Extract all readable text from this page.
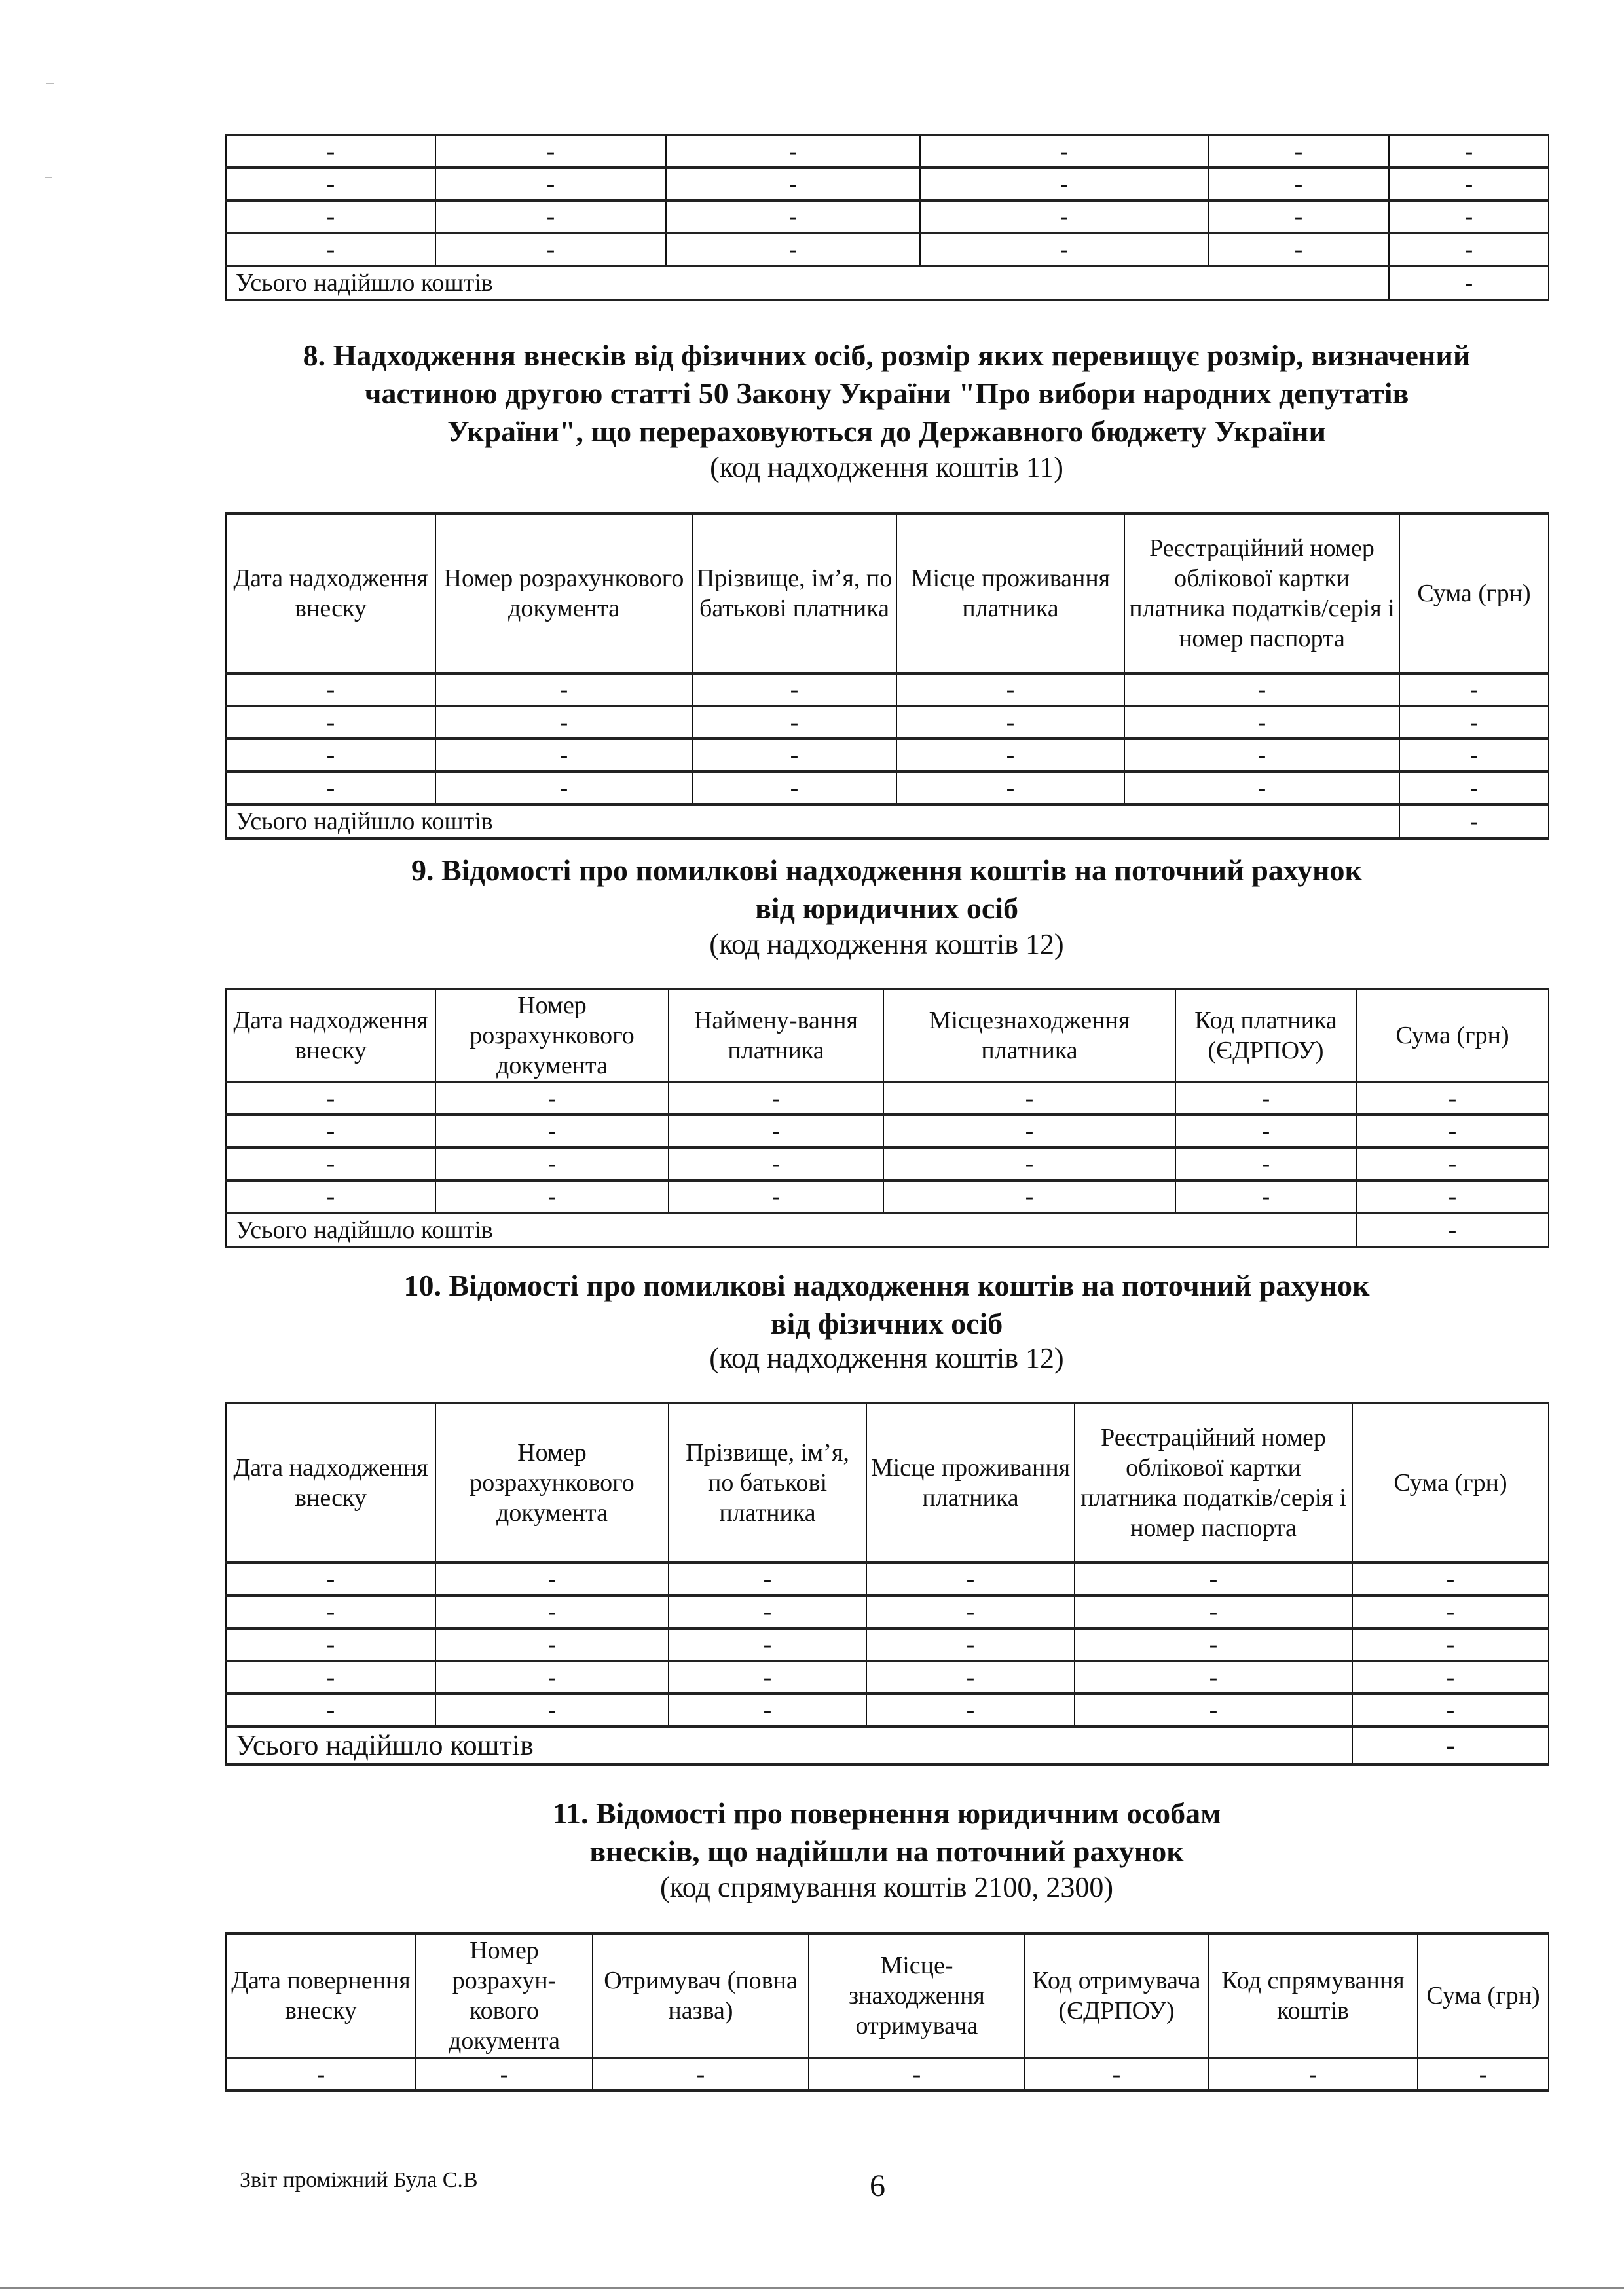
-	-	-	-	-	-
-	-	-	-	-	-
-	-	-	-	-	-
-	-	-	-	-	-
Усього надійшло коштів					-
8. Надходження внесків від фізичних осіб, розмір яких перевищує розмір, визначений
частиною другою статті 50 Закону України "Про вибори народних депутатів
України", що перераховуються до Державного бюджету України
(код надходження коштів 11)
Дата надходження внеску	Номер розрахункового документа	Прізвище, ім’я, по батькові платника	Місце проживання платника	Реєстраційний номер облікової картки платника податків/серія і номер паспорта	Сума (грн)
-	-	-	-	-	-
-	-	-	-	-	-
-	-	-	-	-	-
-	-	-	-	-	-
Усього надійшло коштів					-
9. Відомості про помилкові надходження коштів на поточний рахунок
від юридичних осіб
(код надходження коштів 12)
Дата надходження внеску	Номер розрахункового документа	Наймену-вання платника	Місцезнаходження платника	Код платника (ЄДРПОУ)	Сума (грн)
-	-	-	-	-	-
-	-	-	-	-	-
-	-	-	-	-	-
-	-	-	-	-	-
Усього надійшло коштів					-
10. Відомості про помилкові надходження коштів на поточний рахунок
від фізичних осіб
(код надходження коштів 12)
Дата надходження внеску	Номер розрахункового документа	Прізвище, ім’я, по батькові платника	Місце проживання платника	Реєстраційний номер облікової картки платника податків/серія і номер паспорта	Сума (грн)
-	-	-	-	-	-
-	-	-	-	-	-
-	-	-	-	-	-
-	-	-	-	-	-
-	-	-	-	-	-
Усього надійшло коштів					-
11. Відомості про повернення юридичним особам
внесків, що надійшли на поточний рахунок
(код спрямування коштів 2100, 2300)
Дата повернення внеску	Номер розрахун-кового документа	Отримувач (повна назва)	Місце- знаходження отримувача	Код отримувача (ЄДРПОУ)	Код спрямування коштів	Сума (грн)
-	-	-	-	-	-	-
Звіт проміжний Була С.В	6
